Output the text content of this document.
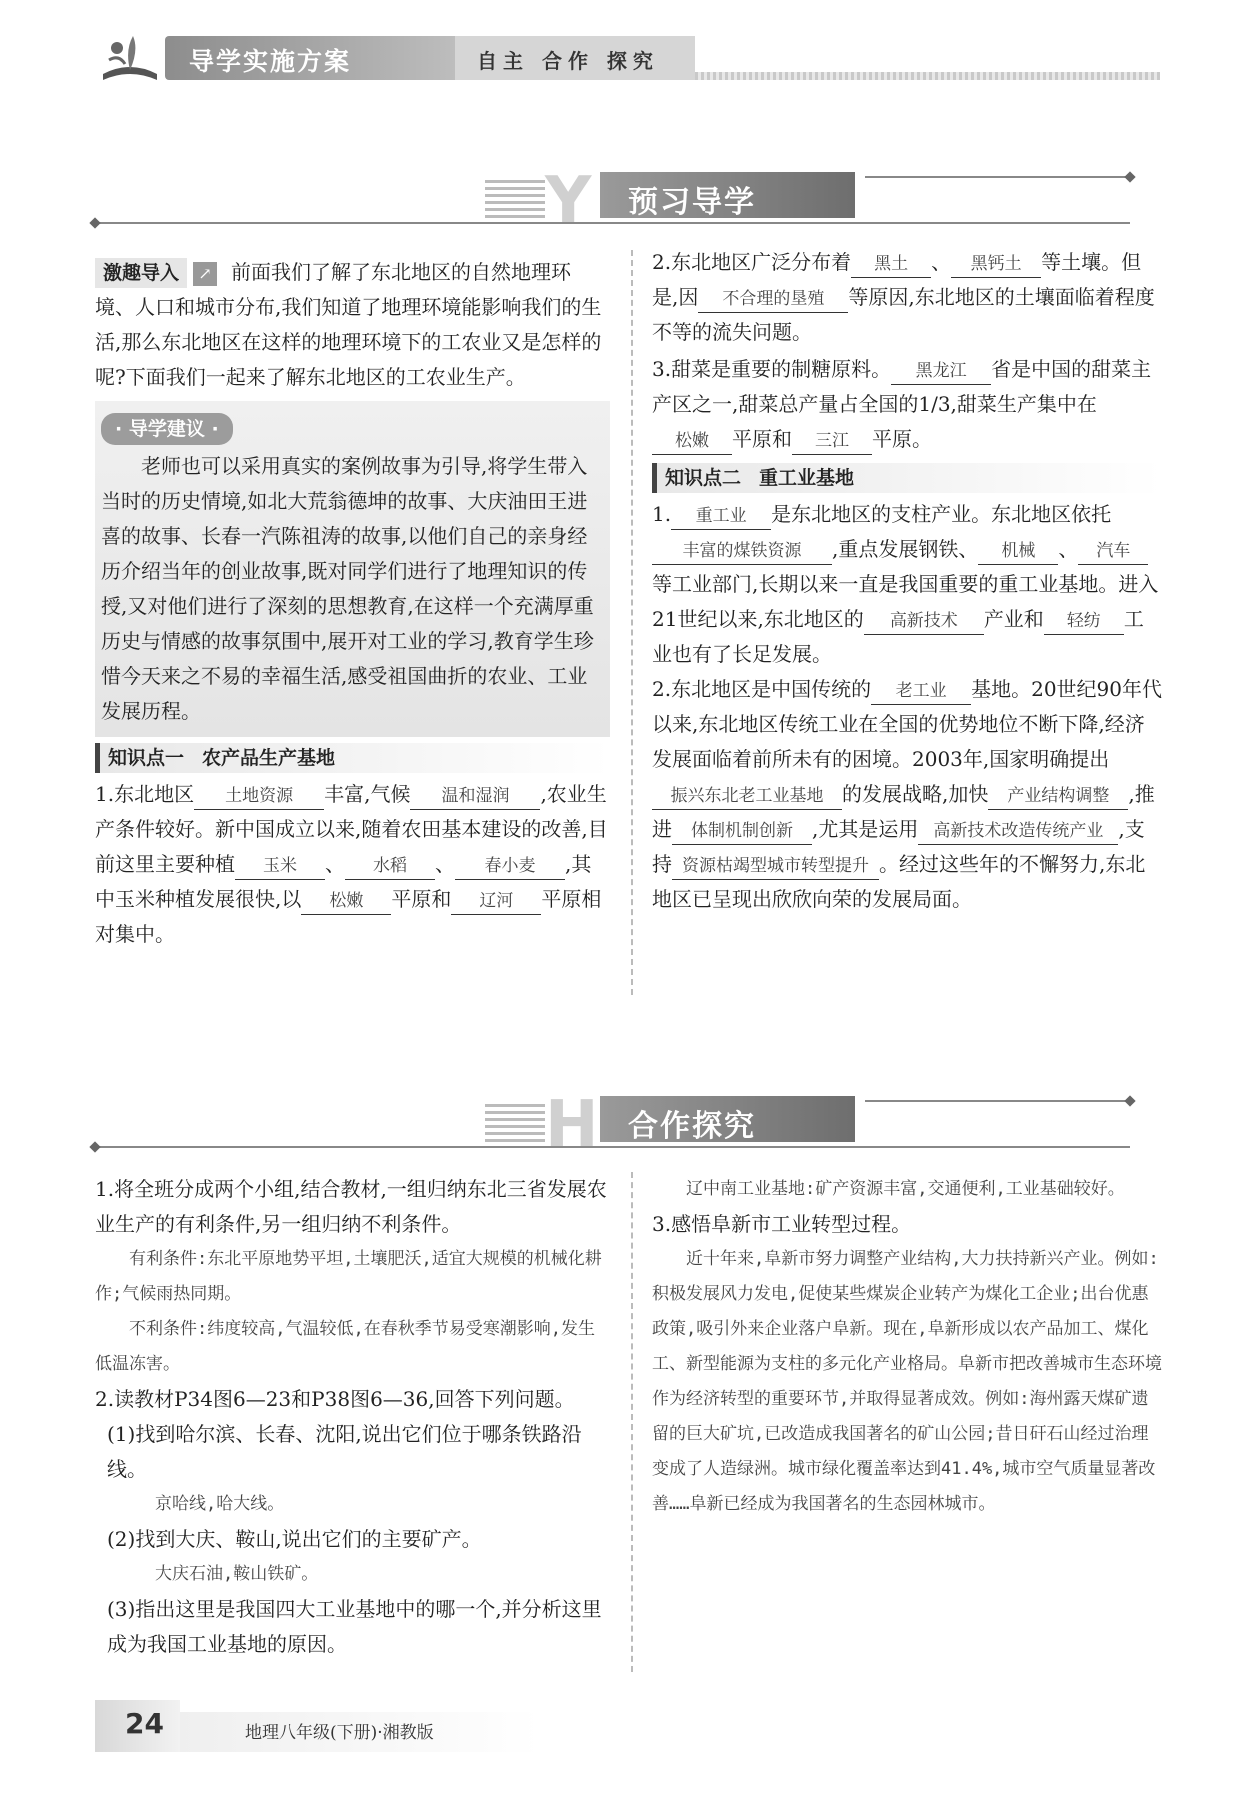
导学实施方案	自主 合作 探究
Y 预习导学
激趣导入 ↗ 前面我们了解了东北地区的自然地理环境、人口和城市分布,我们知道了地理环境能影响我们的生活,那么东北地区在这样的地理环境下的工农业又是怎样的呢?下面我们一起来了解东北地区的工农业生产。
· 导学建议 ·
老师也可以采用真实的案例故事为引导,将学生带入当时的历史情境,如北大荒翁德坤的故事、大庆油田王进喜的故事、长春一汽陈祖涛的故事,以他们自己的亲身经历介绍当年的创业故事,既对同学们进行了地理知识的传授,又对他们进行了深刻的思想教育,在这样一个充满厚重历史与情感的故事氛围中,展开对工业的学习,教育学生珍惜今天来之不易的幸福生活,感受祖国曲折的农业、工业发展历程。
知识点一 农产品生产基地
1.东北地区 土地资源 丰富,气候 温和湿润 ,农业生产条件较好。新中国成立以来,随着农田基本建设的改善,目前这里主要种植 玉米 、 水稻 、 春小麦 ,其中玉米种植发展很快,以 松嫩 平原和 辽河 平原相对集中。
2.东北地区广泛分布着 黑土 、 黑钙土 等土壤。但是,因 不合理的垦殖 等原因,东北地区的土壤面临着程度不等的流失问题。
3.甜菜是重要的制糖原料。 黑龙江 省是中国的甜菜主产区之一,甜菜总产量占全国的1/3,甜菜生产集中在松嫩 平原和 三江 平原。
知识点二 重工业基地
1. 重工业 是东北地区的支柱产业。东北地区依托丰富的煤铁资源 ,重点发展钢铁、 机械 、 汽车等工业部门,长期以来一直是我国重要的重工业基地。进入21世纪以来,东北地区的 高新技术 产业和 轻纺 工业也有了长足发展。
2.东北地区是中国传统的 老工业 基地。20世纪90年代以来,东北地区传统工业在全国的优势地位不断下降,经济发展面临着前所未有的困境。2003年,国家明确提出振兴东北老工业基地 的发展战略,加快 产业结构调整 ,推进 体制机制创新 ,尤其是运用 高新技术改造传统产业 ,支持 资源枯竭型城市转型提升 。经过这些年的不懈努力,东北地区已呈现出欣欣向荣的发展局面。
H 合作探究
1.将全班分成两个小组,结合教材,一组归纳东北三省发展农业生产的有利条件,另一组归纳不利条件。
有利条件:东北平原地势平坦,土壤肥沃,适宜大规模的机械化耕作;气候雨热同期。
不利条件:纬度较高,气温较低,在春秋季节易受寒潮影响,发生低温冻害。
2.读教材P34图6—23和P38图6—36,回答下列问题。
(1)找到哈尔滨、长春、沈阳,说出它们位于哪条铁路沿线。
京哈线,哈大线。
(2)找到大庆、鞍山,说出它们的主要矿产。
大庆石油,鞍山铁矿。
(3)指出这里是我国四大工业基地中的哪一个,并分析这里成为我国工业基地的原因。
辽中南工业基地:矿产资源丰富,交通便利,工业基础较好。
3.感悟阜新市工业转型过程。
近十年来,阜新市努力调整产业结构,大力扶持新兴产业。例如:积极发展风力发电,促使某些煤炭企业转产为煤化工企业;出台优惠政策,吸引外来企业落户阜新。现在,阜新形成以农产品加工、煤化工、新型能源为支柱的多元化产业格局。阜新市把改善城市生态环境作为经济转型的重要环节,并取得显著成效。例如:海州露天煤矿遗留的巨大矿坑,已改造成我国著名的矿山公园;昔日矸石山经过治理变成了人造绿洲。城市绿化覆盖率达到41.4%,城市空气质量显著改善……阜新已经成为我国著名的生态园林城市。
24	地理八年级(下册)·湘教版
